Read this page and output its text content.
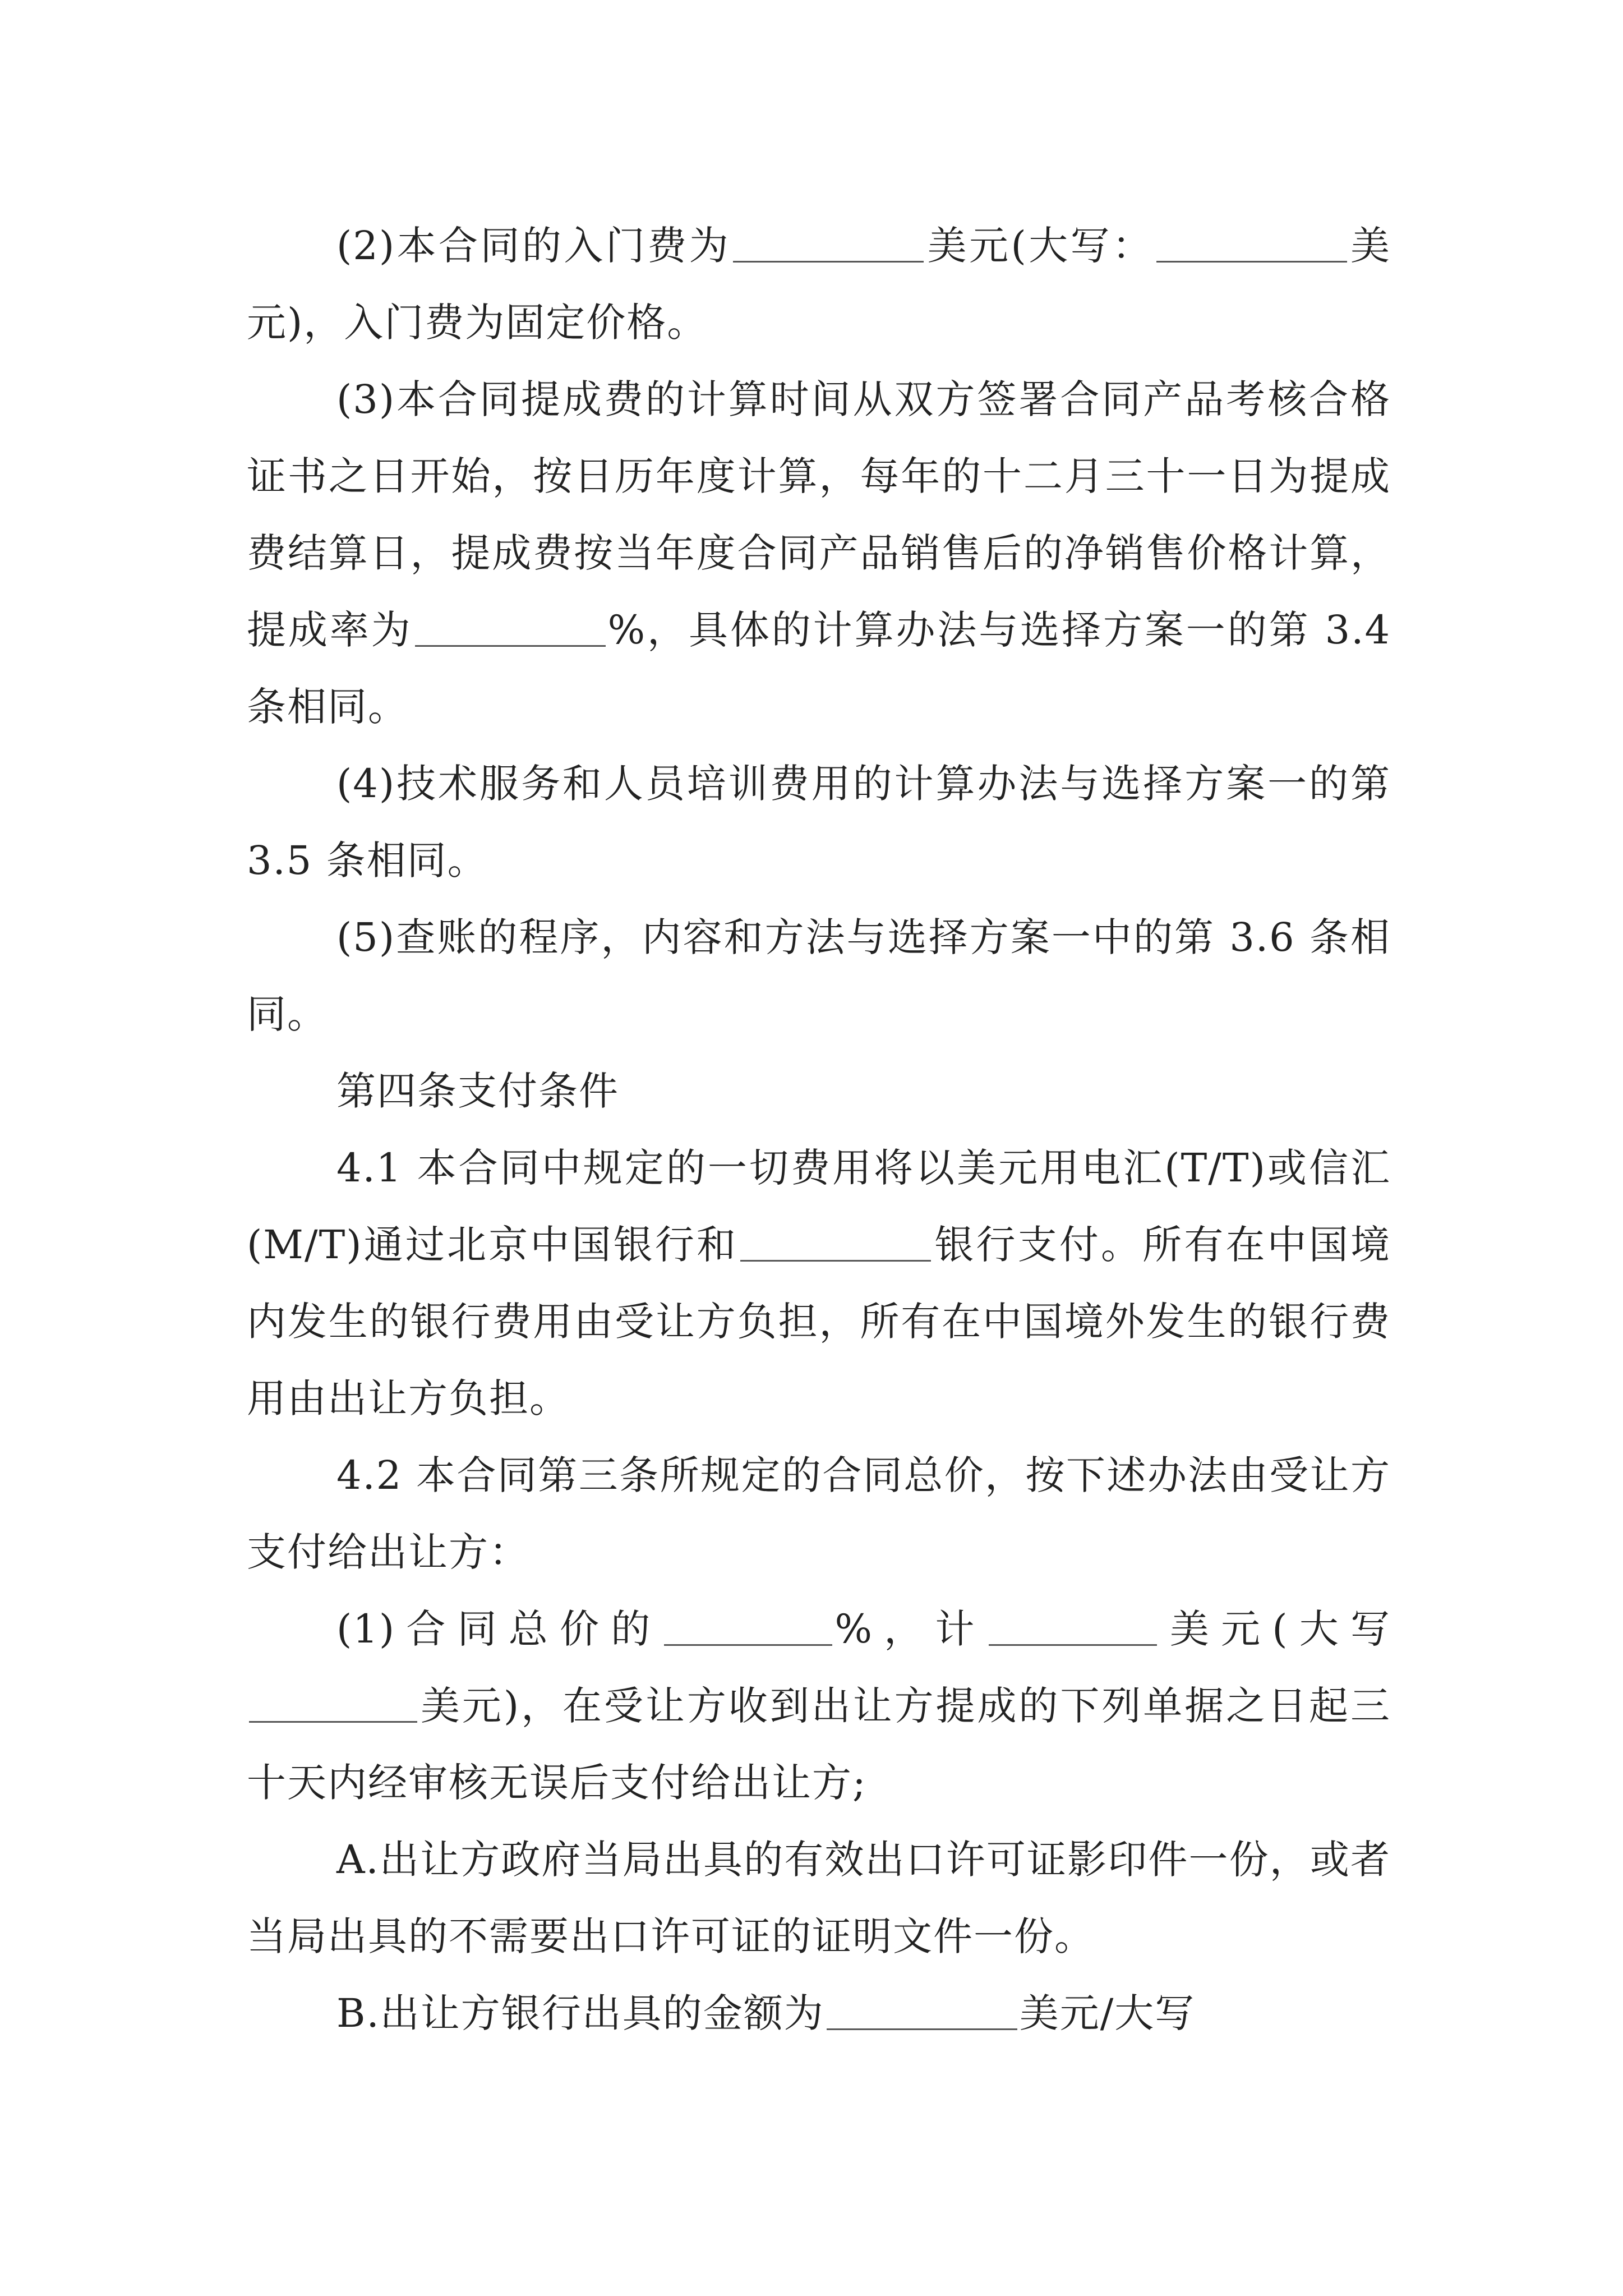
(2)本合同的入门费为	美元(大写：	美元)，入门费为固定价格。

(3)本合同提成费的计算时间从双方签署合同产品考核合格证书之日开始，按日历年度计算，每年的十二月三十一日为提成费结算日，提成费按当年度合同产品销售后的净销售价格计算，提成率为	%，具体的计算办法与选择方案一的第 3.4 条相同。

(4)技术服务和人员培训费用的计算办法与选择方案一的第 3.5 条相同。

(5)查账的程序，内容和方法与选择方案一中的第 3.6 条相同。

第四条支付条件

4.1 本合同中规定的一切费用将以美元用电汇(T/T)或信汇(M/T)通过北京中国银行和	银行支付。所有在中国境内发生的银行费用由受让方负担，所有在中国境外发生的银行费用由出让方负担。

4.2 本合同第三条所规定的合同总价，按下述办法由受让方支付给出让方：

(1)合同总价的	%，计	美元(大写美元)，在受让方收到出让方提成的下列单据之日起三十天内经审核无误后支付给出让方;

A.出让方政府当局出具的有效出口许可证影印件一份，或者当局出具的不需要出口许可证的证明文件一份。

B.出让方银行出具的金额为	美元/大写
